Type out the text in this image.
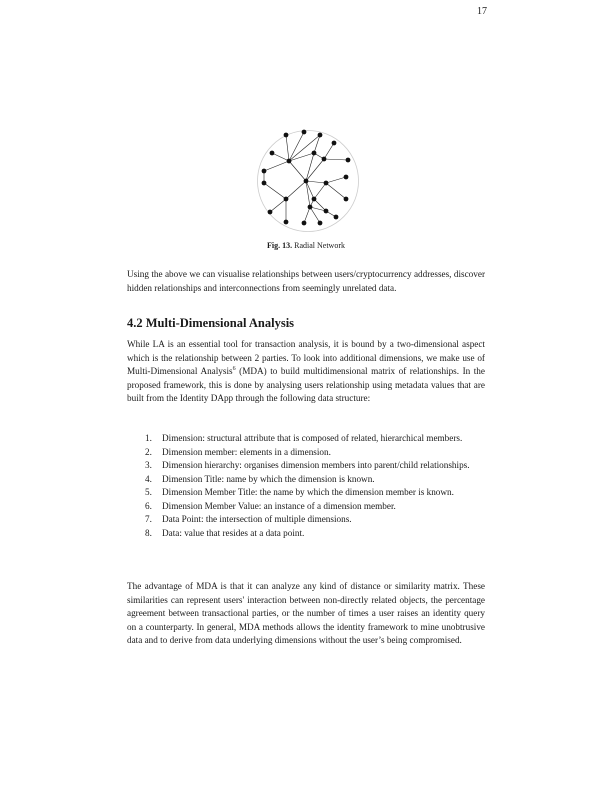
17
Fig. 13. Radial Network

Using the above we can visualise relationships between users/cryptocurrency addresses, discover hidden relationships and interconnections from seemingly unrelated data.

4.2 Multi-Dimensional Analysis

While LA is an essential tool for transaction analysis, it is bound by a two-dimensional aspect which is the relationship between 2 parties. To look into additional dimensions, we make use of Multi-Dimensional Analysis$^6$ (MDA) to build multidimensional matrix of relationships. In the proposed framework, this is done by analysing users relationship using metadata values that are built from the Identity DApp through the following data structure:

1.	Dimension: structural attribute that is composed of related, hierarchical members.
2.	Dimension member: elements in a dimension.
3.	Dimension hierarchy: organises dimension members into parent/child relationships.
4.	Dimension Title: name by which the dimension is known.
5.	Dimension Member Title: the name by which the dimension member is known.
6.	Dimension Member Value: an instance of a dimension member.
7.	Data Point: the intersection of multiple dimensions.
8.	Data: value that resides at a data point.

The advantage of MDA is that it can analyze any kind of distance or similarity matrix. These similarities can represent users' interaction between non-directly related objects, the percentage agreement between transactional parties, or the number of times a user raises an identity query on a counterparty. In general, MDA methods allows the identity framework to mine unobtrusive data and to derive from data underlying dimensions without the user’s being compromised.
